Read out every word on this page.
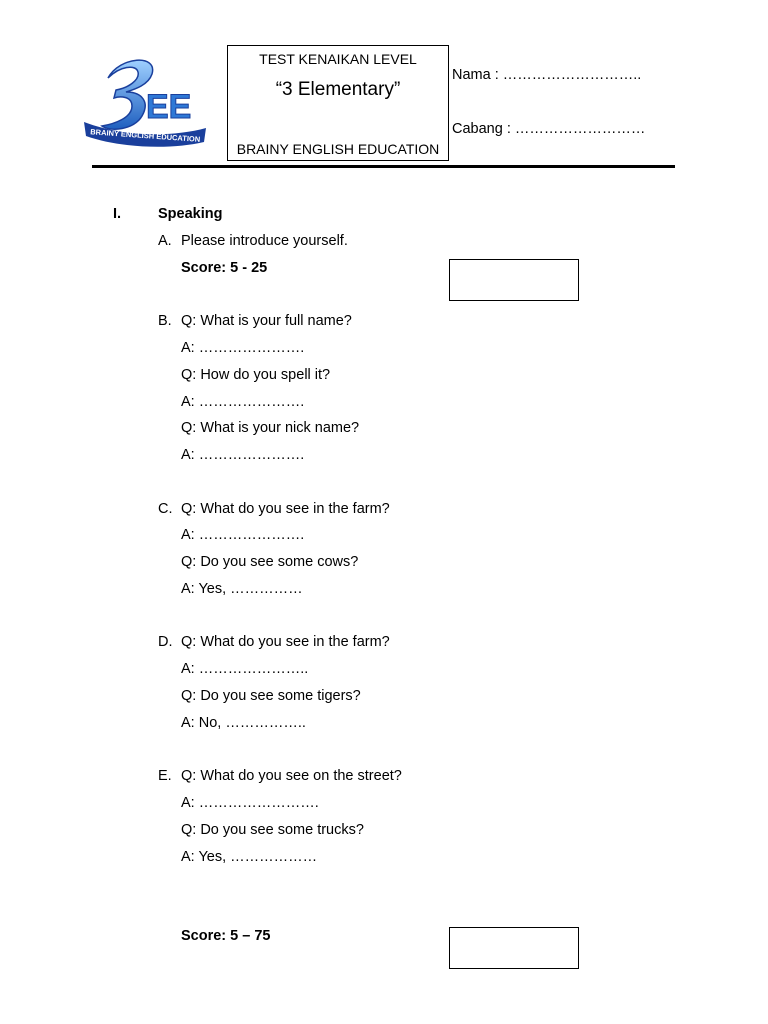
EE
BRAINY ENGLISH EDUCATION
TEST KENAIKAN LEVEL
“3 Elementary”
BRAINY ENGLISH EDUCATION
Nama : ………………………..
Cabang : ………………………
I.	Speaking
A. Please introduce yourself.
Score: 5 - 25
B. Q: What is your full name?
A: ………………….
Q: How do you spell it?
A: ………………….
Q: What is your nick name?
A: ………………….
C. Q: What do you see in the farm?
A: ………………….
Q: Do you see some cows?
A: Yes, ……………
D. Q: What do you see in the farm?
A: …………………..
Q: Do you see some tigers?
A: No, ……………..
E. Q: What do you see on the street?
A: …………………….
Q: Do you see some trucks?
A: Yes, ………………
Score: 5 – 75
